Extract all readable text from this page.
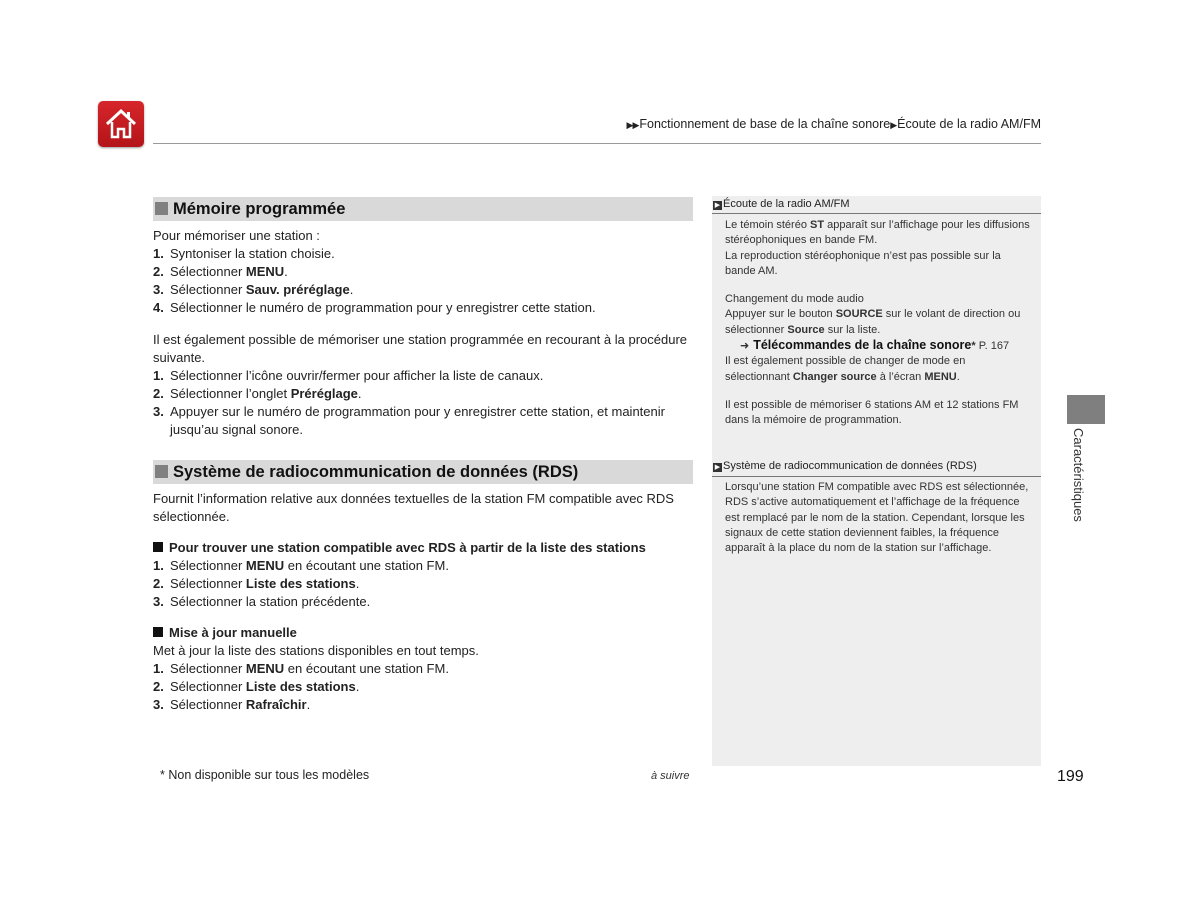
▶▶Fonctionnement de base de la chaîne sonore▶Écoute de la radio AM/FM
Mémoire programmée

Pour mémoriser une station :

1. Syntoniser la station choisie.
2. Sélectionner MENU.
3. Sélectionner Sauv. préréglage.
4. Sélectionner le numéro de programmation pour y enregistrer cette station.

Il est également possible de mémoriser une station programmée en recourant à la procédure suivante.

1. Sélectionner l’icône ouvrir/fermer pour afficher la liste de canaux.
2. Sélectionner l’onglet Préréglage.
3. Appuyer sur le numéro de programmation pour y enregistrer cette station, et maintenir jusqu’au signal sonore.
Système de radiocommunication de données (RDS)

Fournit l’information relative aux données textuelles de la station FM compatible avec RDS sélectionnée.

Pour trouver une station compatible avec RDS à partir de la liste des stations

1. Sélectionner MENU en écoutant une station FM.
2. Sélectionner Liste des stations.
3. Sélectionner la station précédente.

Mise à jour manuelle

Met à jour la liste des stations disponibles en tout temps.

1. Sélectionner MENU en écoutant une station FM.
2. Sélectionner Liste des stations.
3. Sélectionner Rafraîchir.
▶ Écoute de la radio AM/FM

Le témoin stéréo ST apparaît sur l’affichage pour les diffusions stéréophoniques en bande FM.

La reproduction stéréophonique n’est pas possible sur la bande AM.

Changement du mode audio

Appuyer sur le bouton SOURCE sur le volant de direction ou sélectionner Source sur la liste.

➜ Télécommandes de la chaîne sonore* P. 167

Il est également possible de changer de mode en sélectionnant Changer source à l’écran MENU.

Il est possible de mémoriser 6 stations AM et 12 stations FM dans la mémoire de programmation.

▶ Système de radiocommunication de données (RDS)

Lorsqu’une station FM compatible avec RDS est sélectionnée, RDS s’active automatiquement et l’affichage de la fréquence est remplacé par le nom de la station. Cependant, lorsque les signaux de cette station deviennent faibles, la fréquence apparaît à la place du nom de la station sur l’affichage.

Caractéristiques
* Non disponible sur tous les modèles	à suivre	199
